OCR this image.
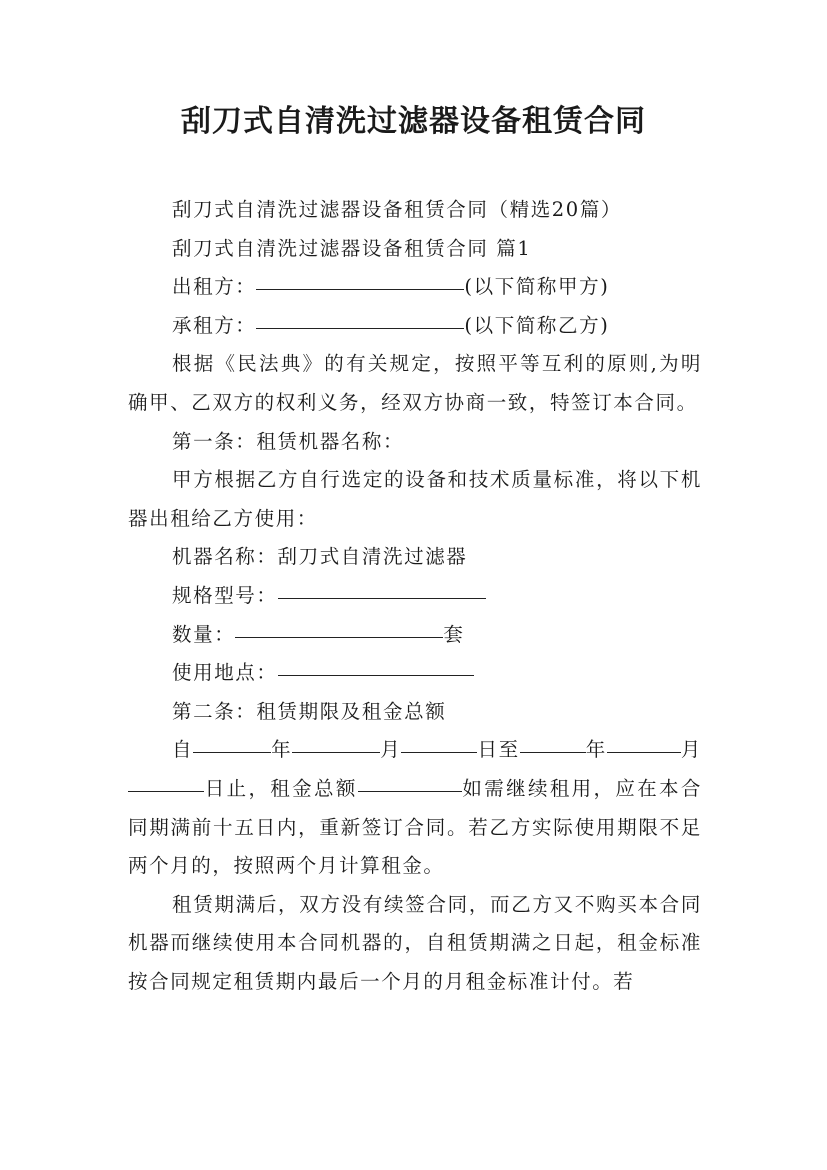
刮刀式自清洗过滤器设备租赁合同

刮刀式自清洗过滤器设备租赁合同（精选20篇）

刮刀式自清洗过滤器设备租赁合同 篇1

出租方：	(以下简称甲方)

承租方：	(以下简称乙方)

根据《民法典》的有关规定，按照平等互利的原则,为明确甲、乙双方的权利义务，经双方协商一致，特签订本合同。

第一条：租赁机器名称：

甲方根据乙方自行选定的设备和技术质量标准，将以下机器出租给乙方使用：

机器名称：刮刀式自清洗过滤器

规格型号：

数量：	套

使用地点：

第二条：租赁期限及租金总额

自	年	月	日至	年	月日止，租金总额	如需继续租用，应在本合同期满前十五日内，重新签订合同。若乙方实际使用期限不足两个月的，按照两个月计算租金。

租赁期满后，双方没有续签合同，而乙方又不购买本合同机器而继续使用本合同机器的，自租赁期满之日起，租金标准按合同规定租赁期内最后一个月的月租金标准计付。若
